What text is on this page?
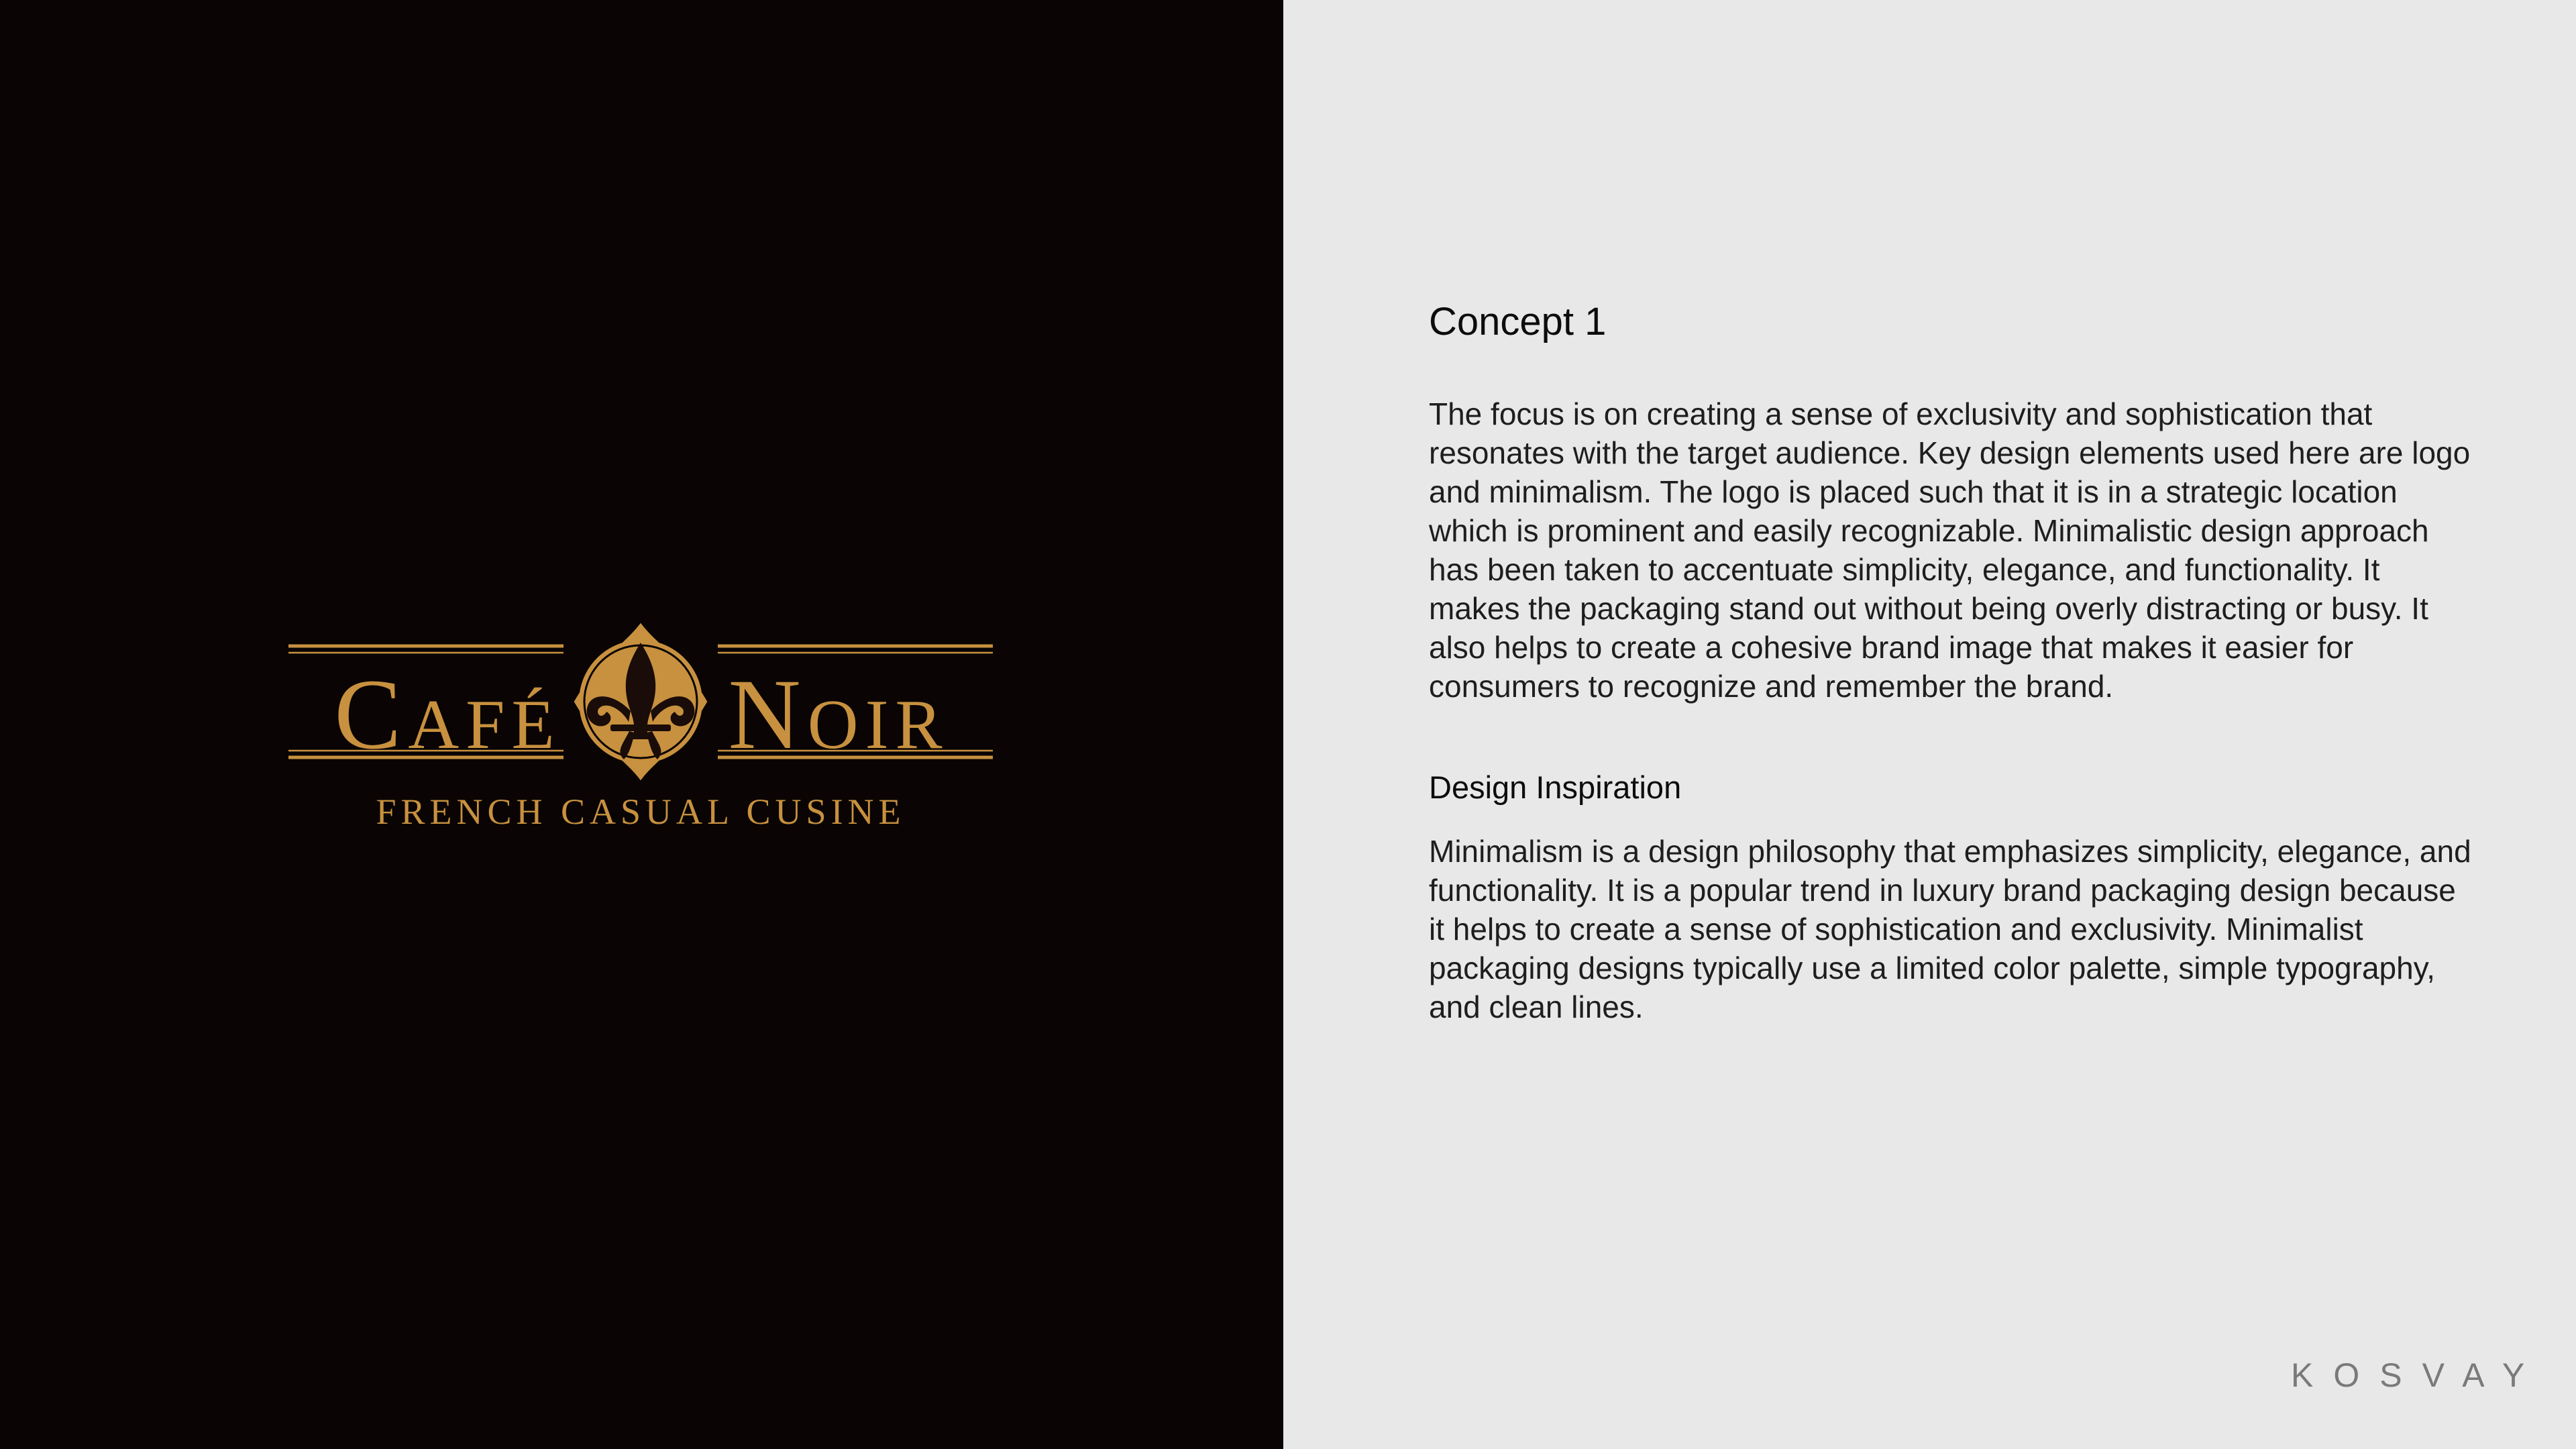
Café Noir
FRENCH CASUAL CUSINE
Concept 1

The focus is on creating a sense of exclusivity and sophistication that resonates with the target audience. Key design elements used here are logo and minimalism. The logo is placed such that it is in a strategic location which is prominent and easily recognizable. Minimalistic design approach has been taken to accentuate simplicity, elegance, and functionality. It makes the packaging stand out without being overly distracting or busy. It also helps to create a cohesive brand image that makes it easier for consumers to recognize and remember the brand.

Design Inspiration

Minimalism is a design philosophy that emphasizes simplicity, elegance, and functionality. It is a popular trend in luxury brand packaging design because it helps to create a sense of sophistication and exclusivity. Minimalist packaging designs typically use a limited color palette, simple typography, and clean lines.

KOSVAY
